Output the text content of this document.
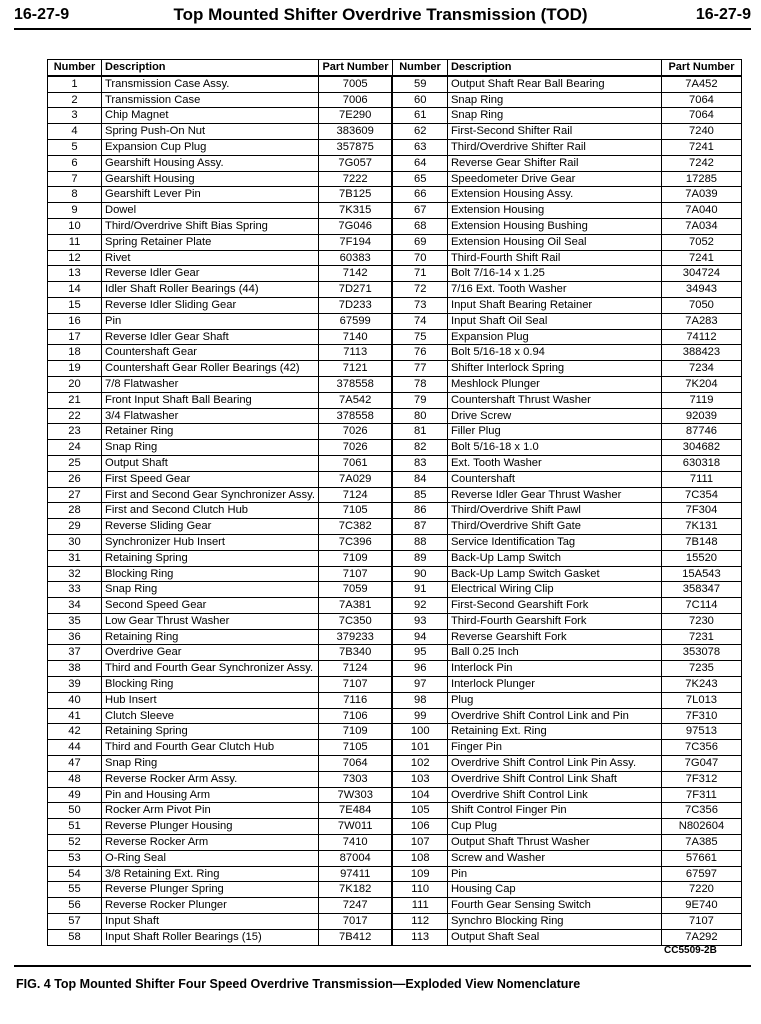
16-27-9	Top Mounted Shifter Overdrive Transmission (TOD)	16-27-9
Number	Description	Part Number	Number	Description	Part Number
1	Transmission Case Assy.	7005	59	Output Shaft Rear Ball Bearing	7A452
2	Transmission Case	7006	60	Snap Ring	7064
3	Chip Magnet	7E290	61	Snap Ring	7064
4	Spring Push-On Nut	383609	62	First-Second Shifter Rail	7240
5	Expansion Cup Plug	357875	63	Third/Overdrive Shifter Rail	7241
6	Gearshift Housing Assy.	7G057	64	Reverse Gear Shifter Rail	7242
7	Gearshift Housing	7222	65	Speedometer Drive Gear	17285
8	Gearshift Lever Pin	7B125	66	Extension Housing Assy.	7A039
9	Dowel	7K315	67	Extension Housing	7A040
10	Third/Overdrive Shift Bias Spring	7G046	68	Extension Housing Bushing	7A034
11	Spring Retainer Plate	7F194	69	Extension Housing Oil Seal	7052
12	Rivet	60383	70	Third-Fourth Shift Rail	7241
13	Reverse Idler Gear	7142	71	Bolt 7/16-14 x 1.25	304724
14	Idler Shaft Roller Bearings (44)	7D271	72	7/16 Ext. Tooth Washer	34943
15	Reverse Idler Sliding Gear	7D233	73	Input Shaft Bearing Retainer	7050
16	Pin	67599	74	Input Shaft Oil Seal	7A283
17	Reverse Idler Gear Shaft	7140	75	Expansion Plug	74112
18	Countershaft Gear	7113	76	Bolt 5/16-18 x 0.94	388423
19	Countershaft Gear Roller Bearings (42)	7121	77	Shifter Interlock Spring	7234
20	7/8 Flatwasher	378558	78	Meshlock Plunger	7K204
21	Front Input Shaft Ball Bearing	7A542	79	Countershaft Thrust Washer	7119
22	3/4 Flatwasher	378558	80	Drive Screw	92039
23	Retainer Ring	7026	81	Filler Plug	87746
24	Snap Ring	7026	82	Bolt 5/16-18 x 1.0	304682
25	Output Shaft	7061	83	Ext. Tooth Washer	630318
26	First Speed Gear	7A029	84	Countershaft	7111
27	First and Second Gear Synchronizer Assy.	7124	85	Reverse Idler Gear Thrust Washer	7C354
28	First and Second Clutch Hub	7105	86	Third/Overdrive Shift Pawl	7F304
29	Reverse Sliding Gear	7C382	87	Third/Overdrive Shift Gate	7K131
30	Synchronizer Hub Insert	7C396	88	Service Identification Tag	7B148
31	Retaining Spring	7109	89	Back-Up Lamp Switch	15520
32	Blocking Ring	7107	90	Back-Up Lamp Switch Gasket	15A543
33	Snap Ring	7059	91	Electrical Wiring Clip	358347
34	Second Speed Gear	7A381	92	First-Second Gearshift Fork	7C114
35	Low Gear Thrust Washer	7C350	93	Third-Fourth Gearshift Fork	7230
36	Retaining Ring	379233	94	Reverse Gearshift Fork	7231
37	Overdrive Gear	7B340	95	Ball 0.25 Inch	353078
38	Third and Fourth Gear Synchronizer Assy.	7124	96	Interlock Pin	7235
39	Blocking Ring	7107	97	Interlock Plunger	7K243
40	Hub Insert	7116	98	Plug	7L013
41	Clutch Sleeve	7106	99	Overdrive Shift Control Link and Pin	7F310
42	Retaining Spring	7109	100	Retaining Ext. Ring	97513
44	Third and Fourth Gear Clutch Hub	7105	101	Finger Pin	7C356
47	Snap Ring	7064	102	Overdrive Shift Control Link Pin Assy.	7G047
48	Reverse Rocker Arm Assy.	7303	103	Overdrive Shift Control Link Shaft	7F312
49	Pin and Housing Arm	7W303	104	Overdrive Shift Control Link	7F311
50	Rocker Arm Pivot Pin	7E484	105	Shift Control Finger Pin	7C356
51	Reverse Plunger Housing	7W011	106	Cup Plug	N802604
52	Reverse Rocker Arm	7410	107	Output Shaft Thrust Washer	7A385
53	O-Ring Seal	87004	108	Screw and Washer	57661
54	3/8 Retaining Ext. Ring	97411	109	Pin	67597
55	Reverse Plunger Spring	7K182	110	Housing Cap	7220
56	Reverse Rocker Plunger	7247	111	Fourth Gear Sensing Switch	9E740
57	Input Shaft	7017	112	Synchro Blocking Ring	7107
58	Input Shaft Roller Bearings (15)	7B412	113	Output Shaft Seal	7A292
CC5509-2B
FIG. 4 Top Mounted Shifter Four Speed Overdrive Transmission—Exploded View Nomenclature
